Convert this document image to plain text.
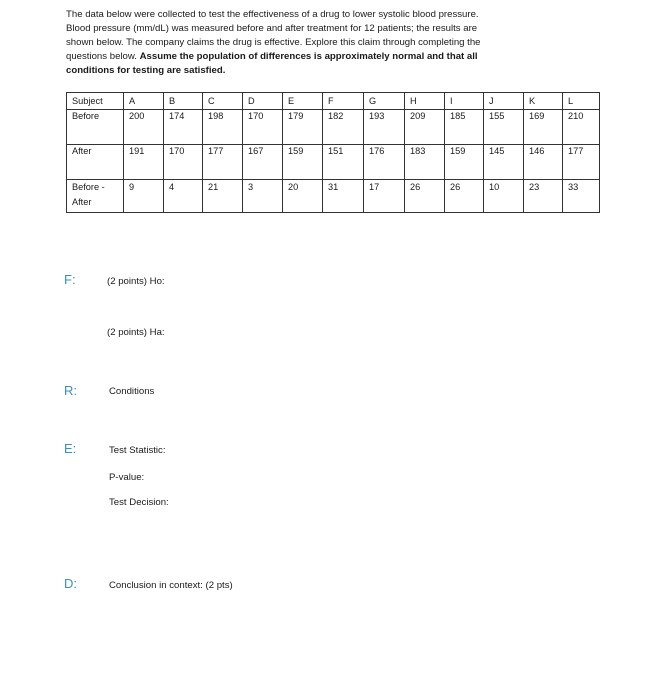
The data below were collected to test the effectiveness of a drug to lower systolic blood pressure.
Blood pressure (mm/dL) was measured before and after treatment for 12 patients; the results are
shown below. The company claims the drug is effective. Explore this claim through completing the
questions below. Assume the population of differences is approximately normal and that all
conditions for testing are satisfied.
Subject	A	B	C	D	E	F	G	H	I	J	K	L
Before	200	174	198	170	179	182	193	209	185	155	169	210
After	191	170	177	167	159	151	176	183	159	145	146	177

Before -
After	9	4	21	3	20	31	17	26	26	10	23	33
F:	(2 points) Ho:
(2 points) Ha:
R:	Conditions
E:	Test Statistic:
P-value:
Test Decision:
D:	Conclusion in context: (2 pts)
